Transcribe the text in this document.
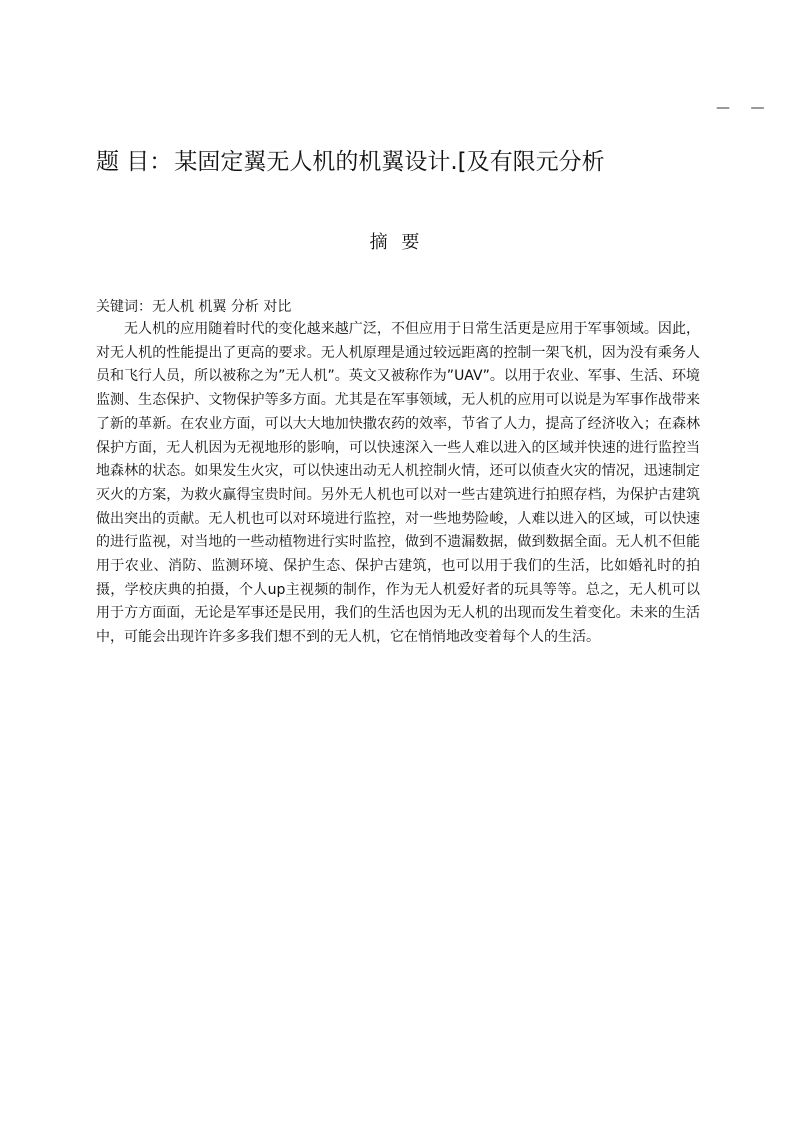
— —
题 目：某固定翼无人机的机翼设计.[及有限元分析
摘 要
关键词：无人机 机翼 分析 对比

无人机的应用随着时代的变化越来越广泛，不但应用于日常生活更是应用于军事领域。因此，对无人机的性能提出了更高的要求。无人机原理是通过较远距离的控制一架飞机，因为没有乘务人员和飞行人员，所以被称之为”无人机”。英文又被称作为”UAV”。以用于农业、军事、生活、环境监测、生态保护、文物保护等多方面。尤其是在军事领域，无人机的应用可以说是为军事作战带来了新的革新。在农业方面，可以大大地加快撒农药的效率，节省了人力，提高了经济收入；在森林保护方面，无人机因为无视地形的影响，可以快速深入一些人难以进入的区域并快速的进行监控当地森林的状态。如果发生火灾，可以快速出动无人机控制火情，还可以侦查火灾的情况，迅速制定灭火的方案，为救火赢得宝贵时间。另外无人机也可以对一些古建筑进行拍照存档，为保护古建筑做出突出的贡献。无人机也可以对环境进行监控，对一些地势险峻，人难以进入的区域，可以快速的进行监视，对当地的一些动植物进行实时监控，做到不遗漏数据，做到数据全面。无人机不但能用于农业、消防、监测环境、保护生态、保护古建筑，也可以用于我们的生活，比如婚礼时的拍摄，学校庆典的拍摄，个人up主视频的制作，作为无人机爱好者的玩具等等。总之，无人机可以用于方方面面，无论是军事还是民用，我们的生活也因为无人机的出现而发生着变化。未来的生活中，可能会出现许许多多我们想不到的无人机，它在悄悄地改变着每个人的生活。
